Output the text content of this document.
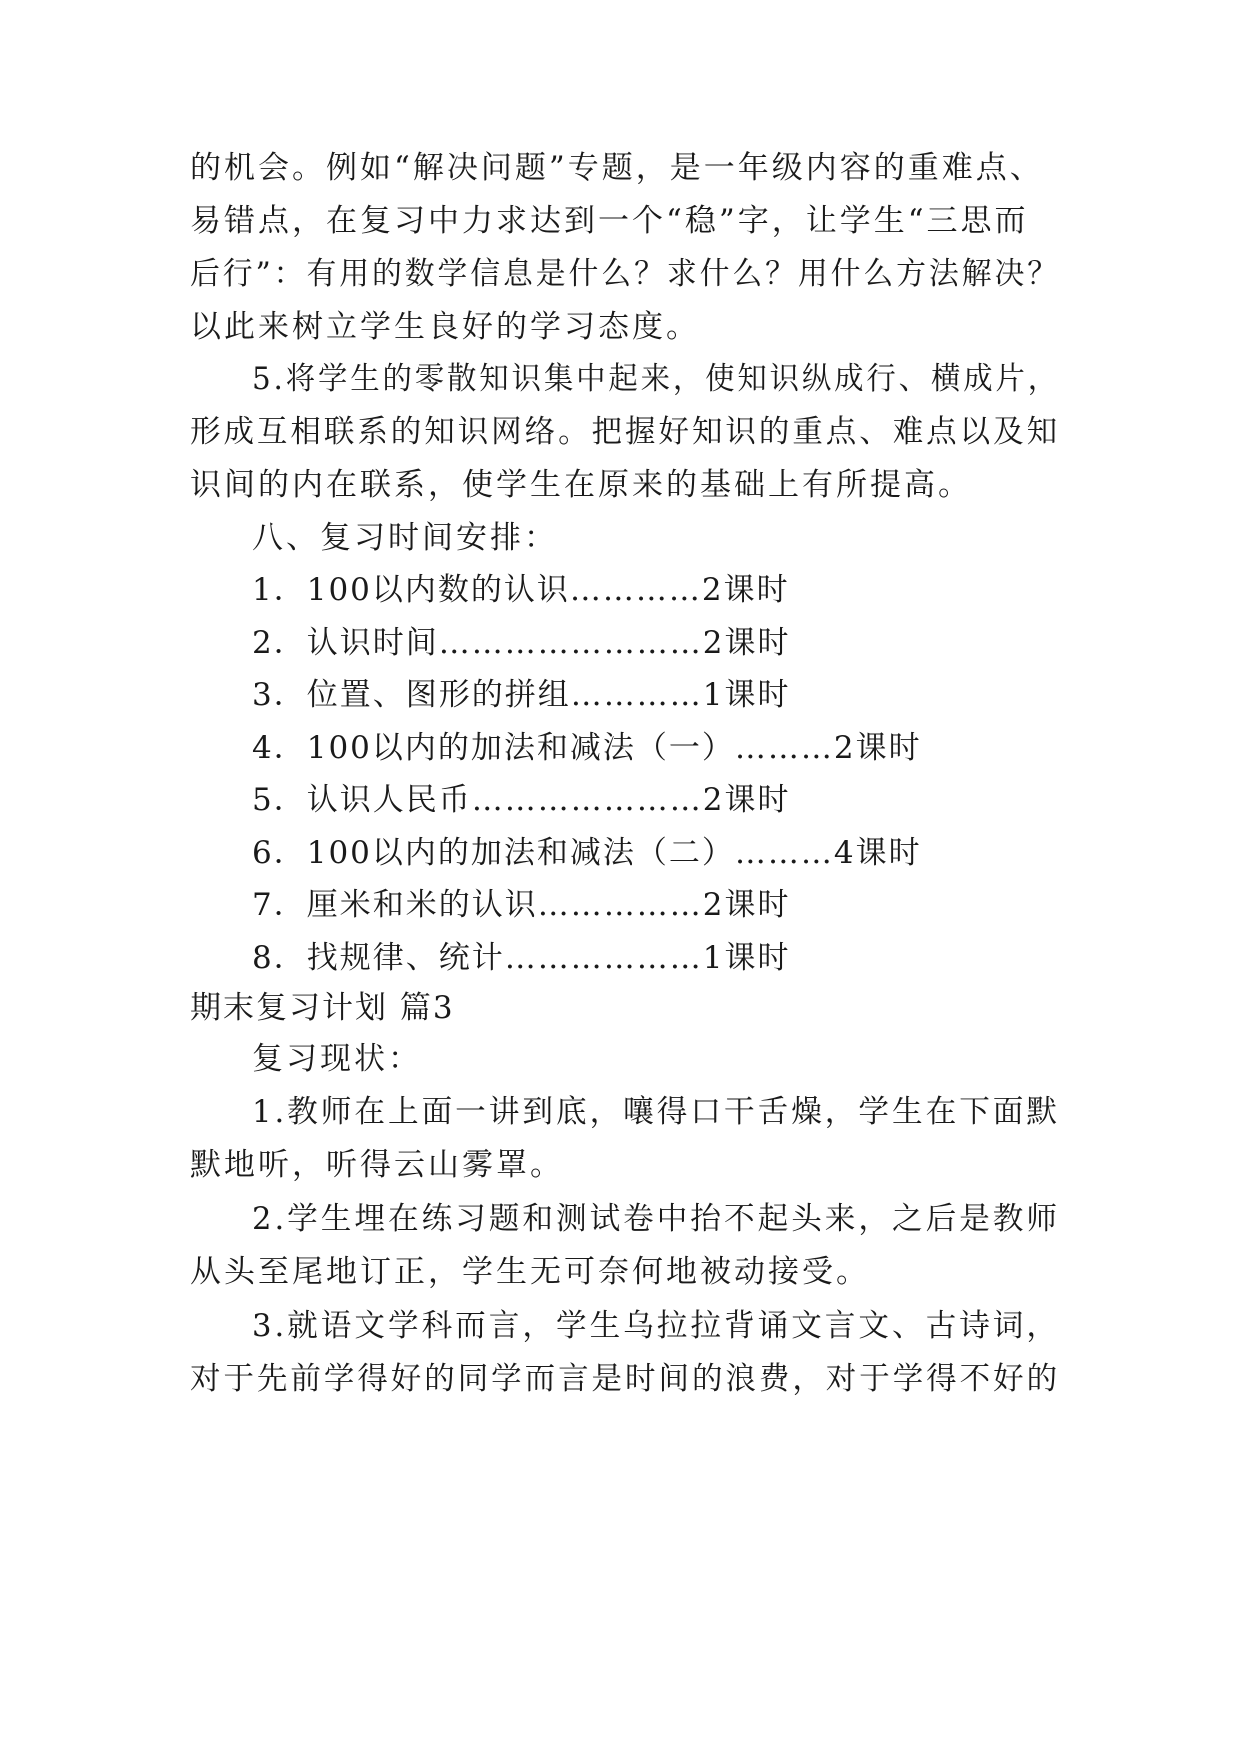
的机会。例如“解决问题”专题，是一年级内容的重难点、
易错点，在复习中力求达到一个“稳”字，让学生“三思而
后行”：有用的数学信息是什么？求什么？用什么方法解决？
以此来树立学生良好的学习态度。
5.将学生的零散知识集中起来，使知识纵成行、横成片，
形成互相联系的知识网络。把握好知识的重点、难点以及知
识间的内在联系，使学生在原来的基础上有所提高。
八、复习时间安排：
1．100以内数的认识…………2课时
2．认识时间……………………2课时
3．位置、图形的拼组…………1课时
4．100以内的加法和减法（一）………2课时
5．认识人民币…………………2课时
6．100以内的加法和减法（二）………4课时
7．厘米和米的认识……………2课时
8．找规律、统计………………1课时
期末复习计划 篇3
复习现状：
1.教师在上面一讲到底，嚷得口干舌燥，学生在下面默
默地听，听得云山雾罩。
2.学生埋在练习题和测试卷中抬不起头来，之后是教师
从头至尾地订正，学生无可奈何地被动接受。
3.就语文学科而言，学生乌拉拉背诵文言文、古诗词，
对于先前学得好的同学而言是时间的浪费，对于学得不好的
